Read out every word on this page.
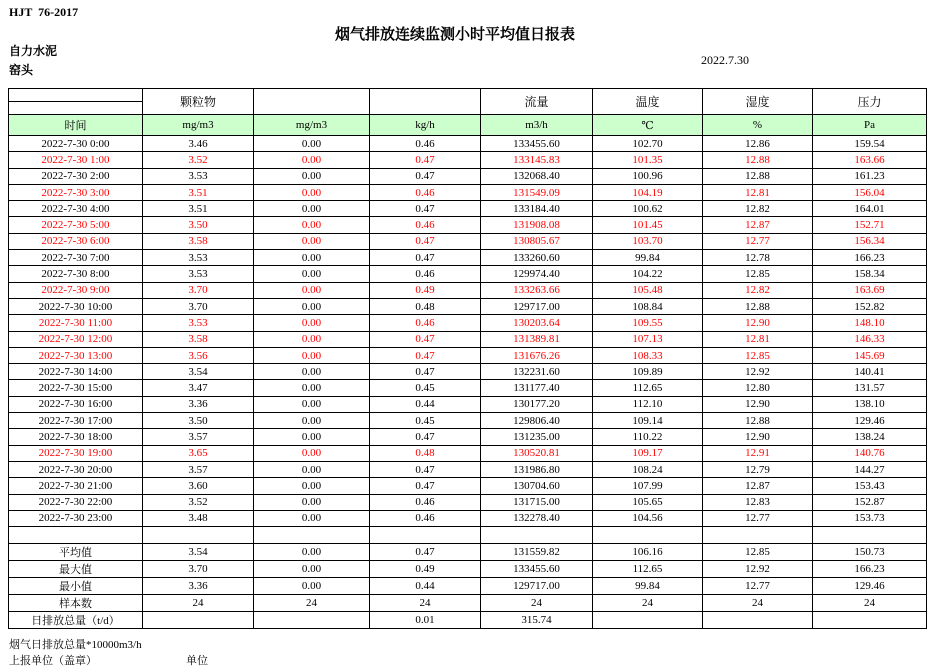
HJT  76-2017
烟气排放连续监测小时平均值日报表
自力水泥
窑头
2022.7.30
	颗粒物			流量	温度	湿度	压力

时间	mg/m3	mg/m3	kg/h	m3/h	℃	%	Pa
2022-7-30 0:00	3.46	0.00	0.46	133455.60	102.70	12.86	159.54
2022-7-30 1:00	3.52	0.00	0.47	133145.83	101.35	12.88	163.66
2022-7-30 2:00	3.53	0.00	0.47	132068.40	100.96	12.88	161.23
2022-7-30 3:00	3.51	0.00	0.46	131549.09	104.19	12.81	156.04
2022-7-30 4:00	3.51	0.00	0.47	133184.40	100.62	12.82	164.01
2022-7-30 5:00	3.50	0.00	0.46	131908.08	101.45	12.87	152.71
2022-7-30 6:00	3.58	0.00	0.47	130805.67	103.70	12.77	156.34
2022-7-30 7:00	3.53	0.00	0.47	133260.60	99.84	12.78	166.23
2022-7-30 8:00	3.53	0.00	0.46	129974.40	104.22	12.85	158.34
2022-7-30 9:00	3.70	0.00	0.49	133263.66	105.48	12.82	163.69
2022-7-30 10:00	3.70	0.00	0.48	129717.00	108.84	12.88	152.82
2022-7-30 11:00	3.53	0.00	0.46	130203.64	109.55	12.90	148.10
2022-7-30 12:00	3.58	0.00	0.47	131389.81	107.13	12.81	146.33
2022-7-30 13:00	3.56	0.00	0.47	131676.26	108.33	12.85	145.69
2022-7-30 14:00	3.54	0.00	0.47	132231.60	109.89	12.92	140.41
2022-7-30 15:00	3.47	0.00	0.45	131177.40	112.65	12.80	131.57
2022-7-30 16:00	3.36	0.00	0.44	130177.20	112.10	12.90	138.10
2022-7-30 17:00	3.50	0.00	0.45	129806.40	109.14	12.88	129.46
2022-7-30 18:00	3.57	0.00	0.47	131235.00	110.22	12.90	138.24
2022-7-30 19:00	3.65	0.00	0.48	130520.81	109.17	12.91	140.76
2022-7-30 20:00	3.57	0.00	0.47	131986.80	108.24	12.79	144.27
2022-7-30 21:00	3.60	0.00	0.47	130704.60	107.99	12.87	153.43
2022-7-30 22:00	3.52	0.00	0.46	131715.00	105.65	12.83	152.87
2022-7-30 23:00	3.48	0.00	0.46	132278.40	104.56	12.77	153.73

平均值	3.54	0.00	0.47	131559.82	106.16	12.85	150.73
最大值	3.70	0.00	0.49	133455.60	112.65	12.92	166.23
最小值	3.36	0.00	0.44	129717.00	99.84	12.77	129.46
样本数	24	24	24	24	24	24	24
日排放总量（t/d）			0.01	315.74			
烟气日排放总量*10000m3/h
上报单位（盖章）	单位
